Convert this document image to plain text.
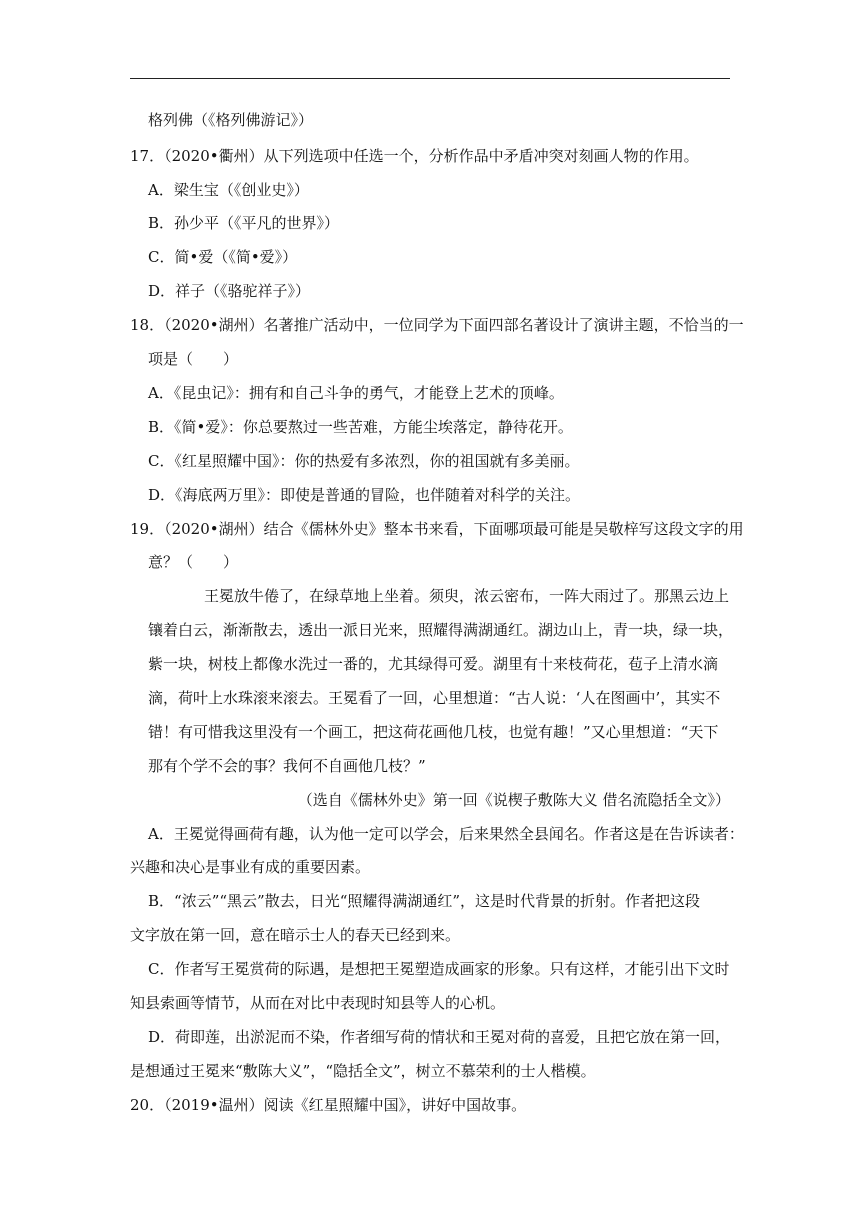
格列佛（《格列佛游记》）
17．（2020•衢州）从下列选项中任选一个，分析作品中矛盾冲突对刻画人物的作用。
A．梁生宝（《创业史》）
B．孙少平（《平凡的世界》）
C．简•爱（《简•爱》）
D．祥子（《骆驼祥子》）
18．（2020•湖州）名著推广活动中，一位同学为下面四部名著设计了演讲主题，不恰当的一
项是（　　）
A．《昆虫记》：拥有和自己斗争的勇气，才能登上艺术的顶峰。
B．《简•爱》：你总要熬过一些苦难，方能尘埃落定，静待花开。
C．《红星照耀中国》：你的热爱有多浓烈，你的祖国就有多美丽。
D．《海底两万里》：即使是普通的冒险，也伴随着对科学的关注。
19．（2020•湖州）结合《儒林外史》整本书来看，下面哪项最可能是吴敬梓写这段文字的用
意？（　　）
王冕放牛倦了，在绿草地上坐着。须臾，浓云密布，一阵大雨过了。那黑云边上
镶着白云，渐渐散去，透出一派日光来，照耀得满湖通红。湖边山上，青一块，绿一块，
紫一块，树枝上都像水洗过一番的，尤其绿得可爱。湖里有十来枝荷花，苞子上清水滴
滴，荷叶上水珠滚来滚去。王冕看了一回，心里想道：“古人说：‘人在图画中’，其实不
错！有可惜我这里没有一个画工，把这荷花画他几枝，也觉有趣！”又心里想道：“天下
那有个学不会的事？我何不自画他几枝？”
（选自《儒林外史》第一回《说楔子敷陈大义 借名流隐括全文》）
A．王冕觉得画荷有趣，认为他一定可以学会，后来果然全县闻名。作者这是在告诉读者：
兴趣和决心是事业有成的重要因素。
B．“浓云”“黑云”散去，日光“照耀得满湖通红”，这是时代背景的折射。作者把这段
文字放在第一回，意在暗示士人的春天已经到来。
C．作者写王冕赏荷的际遇，是想把王冕塑造成画家的形象。只有这样，才能引出下文时
知县索画等情节，从而在对比中表现时知县等人的心机。
D．荷即莲，出淤泥而不染，作者细写荷的情状和王冕对荷的喜爱，且把它放在第一回，
是想通过王冕来“敷陈大义”，“隐括全文”，树立不慕荣利的士人楷模。
20．（2019•温州）阅读《红星照耀中国》，讲好中国故事。
